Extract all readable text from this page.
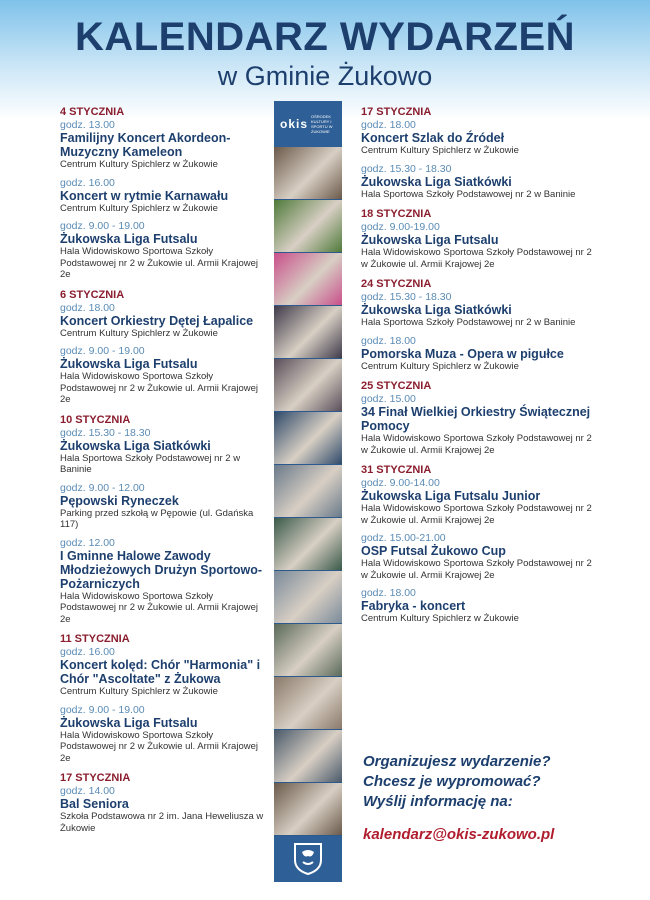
KALENDARZ WYDARZEŃ
w Gminie Żukowo
4 STYCZNIA
godz. 13.00
Familijny Koncert Akordeon-Muzyczny Kameleon
Centrum Kultury Spichlerz w Żukowie
godz. 16.00
Koncert w rytmie Karnawału
Centrum Kultury Spichlerz w Żukowie
godz. 9.00 - 19.00
Żukowska Liga Futsalu
Hala Widowiskowo Sportowa Szkoły Podstawowej nr 2 w Żukowie ul. Armii Krajowej 2e
6 STYCZNIA
godz. 18.00
Koncert Orkiestry Dętej Łapalice
Centrum Kultury Spichlerz w Żukowie
godz. 9.00 - 19.00
Żukowska Liga Futsalu
Hala Widowiskowo Sportowa Szkoły Podstawowej nr 2 w Żukowie ul. Armii Krajowej 2e
10 STYCZNIA
godz. 15.30 - 18.30
Żukowska Liga Siatkówki
Hala Sportowa Szkoły Podstawowej nr 2 w Baninie
godz. 9.00 - 12.00
Pępowski Ryneczek
Parking przed szkołą w Pępowie (ul. Gdańska 117)
godz. 12.00
I Gminne Halowe Zawody Młodzieżowych Drużyn Sportowo-Pożarniczych
Hala Widowiskowo Sportowa Szkoły Podstawowej nr 2 w Żukowie ul. Armii Krajowej 2e
11 STYCZNIA
godz. 16.00
Koncert kolęd: Chór "Harmonia" i Chór "Ascoltate" z Żukowa
Centrum Kultury Spichlerz w Żukowie
godz. 9.00 - 19.00
Żukowska Liga Futsalu
Hala Widowiskowo Sportowa Szkoły Podstawowej nr 2 w Żukowie ul. Armii Krajowej 2e
17 STYCZNIA
godz. 14.00
Bal Seniora
Szkoła Podstawowa nr 2 im. Jana Heweliusza w Żukowie
17 STYCZNIA
godz. 18.00
Koncert Szlak do Źródeł
Centrum Kultury Spichlerz w Żukowie
godz. 15.30 - 18.30
Żukowska Liga Siatkówki
Hala Sportowa Szkoły Podstawowej nr 2 w Baninie
18 STYCZNIA
godz. 9.00-19.00
Żukowska Liga Futsalu
Hala Widowiskowo Sportowa Szkoły Podstawowej nr 2 w Żukowie ul. Armii Krajowej 2e
24 STYCZNIA
godz. 15.30 - 18.30
Żukowska Liga Siatkówki
Hala Sportowa Szkoły Podstawowej nr 2 w Baninie
godz. 18.00
Pomorska Muza - Opera w pigułce
Centrum Kultury Spichlerz w Żukowie
25 STYCZNIA
godz. 15.00
34 Finał Wielkiej Orkiestry Świątecznej Pomocy
Hala Widowiskowo Sportowa Szkoły Podstawowej nr 2 w Żukowie ul. Armii Krajowej 2e
31 STYCZNIA
godz. 9.00-14.00
Żukowska Liga Futsalu Junior
Hala Widowiskowo Sportowa Szkoły Podstawowej nr 2 w Żukowie ul. Armii Krajowej 2e
godz. 15.00-21.00
OSP Futsal Żukowo Cup
Hala Widowiskowo Sportowa Szkoły Podstawowej nr 2 w Żukowie ul. Armii Krajowej 2e
godz. 18.00
Fabryka - koncert
Centrum Kultury Spichlerz w Żukowie
okis
OŚRODEK KULTURY I SPORTU W ŻUKOWIE
Organizujesz wydarzenie?
Chcesz je wypromować?
Wyślij informację na:
kalendarz@okis-zukowo.pl
